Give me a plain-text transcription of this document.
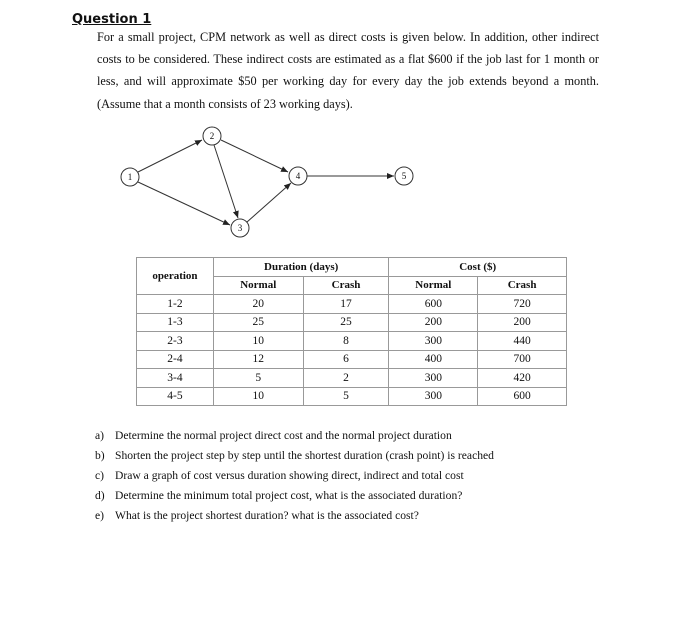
Question 1
For a small project, CPM network as well as direct costs is given below. In addition, other indirect costs to be considered. These indirect costs are estimated as a flat $600 if the job last for 1 month or less, and will approximate $50 per working day for every day the job extends beyond a month. (Assume that a month consists of 23 working days).
1
2
3
4	5
operation	Duration (days)		Cost ($)	
	Normal	Crash	Normal	Crash
1-2	20	17	600	720
1-3	25	25	200	200
2-3	10	8	300	440
2-4	12	6	400	700
3-4	5	2	300	420
4-5	10	5	300	600
a) Determine the normal project direct cost and the normal project duration
b) Shorten the project step by step until the shortest duration (crash point) is reached
c) Draw a graph of cost versus duration showing direct, indirect and total cost
d) Determine the minimum total project cost, what is the associated duration?
e) What is the project shortest duration? what is the associated cost?
